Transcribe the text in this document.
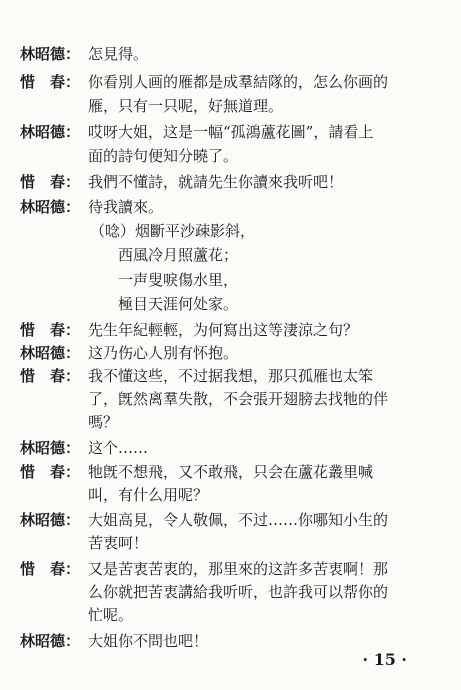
林昭德： 怎見得。
惜　春： 你看別人画的雁都是成羣結隊的，怎么你画的
雁，只有一只呢，好無道理。
林昭德： 哎呀大姐，这是一幅“孤鴻蘆花圖”，請看上
面的詩句便知分曉了。
惜　春： 我們不懂詩，就請先生你讀來我听吧！
林昭德： 待我讀來。
（唸）烟斷平沙疎影斜，
西風冷月照蘆花；
一声叟唳傷水里，
極目天涯何处家。
惜　春： 先生年紀輕輕，为何寫出这等淒涼之句？
林昭德： 这乃伤心人別有怀抱。
惜　春： 我不懂这些，不过据我想，那只孤雁也太笨
了，旣然离羣失散，不会張开翅膀去找牠的伴
嗎？
林昭德： 这个……
惜　春： 牠旣不想飛，又不敢飛，只会在蘆花叢里喊
叫，有什么用呢？
林昭德： 大姐高見，令人敬佩，不过……你哪知小生的
苦衷呵！
惜　春： 又是苦衷苦衷的，那里來的这許多苦衷啊！那
么你就把苦衷講給我听听，也許我可以帮你的
忙呢。
林昭德： 大姐你不問也吧！
· 15 ·
